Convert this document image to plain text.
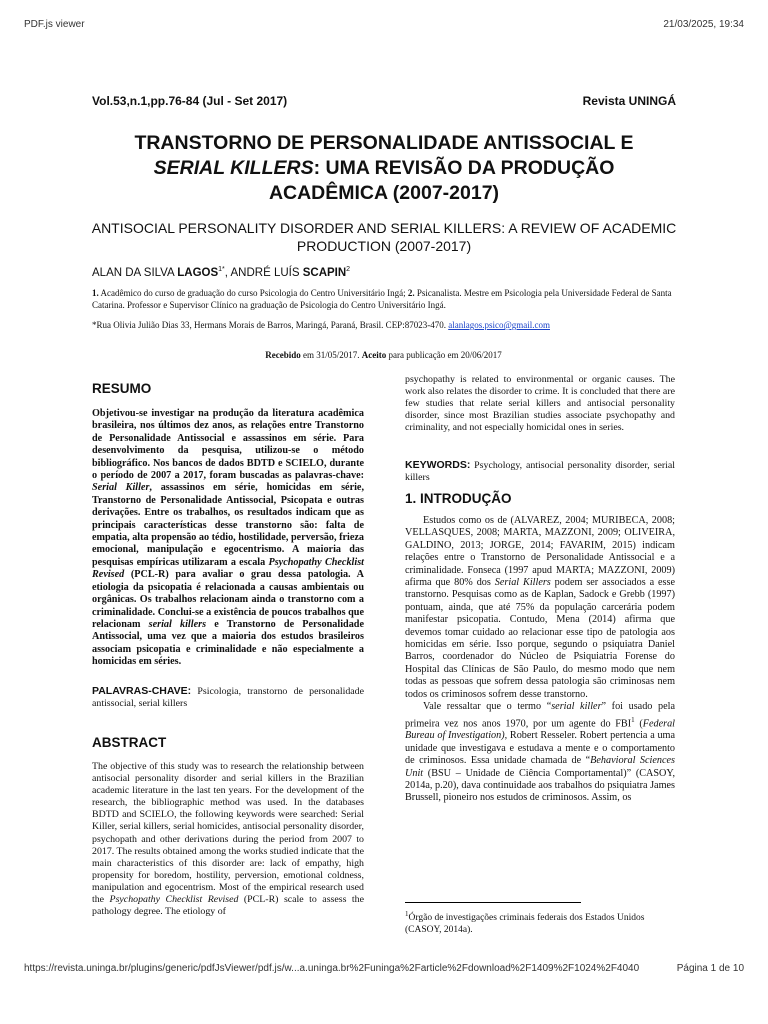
PDF.js viewer	21/03/2025, 19:34
Vol.53,n.1,pp.76-84 (Jul - Set 2017)	Revista UNINGÁ
TRANSTORNO DE PERSONALIDADE ANTISSOCIAL E
SERIAL KILLERS: UMA REVISÃO DA PRODUÇÃO
ACADÊMICA (2007-2017)
ANTISOCIAL PERSONALITY DISORDER AND SERIAL KILLERS: A REVIEW OF ACADEMIC PRODUCTION (2007-2017)
ALAN DA SILVA $LAGOS^{1*}$, ANDRÉ LUÍS SCAPIN$^2$
1. Acadêmico do curso de graduação do curso Psicologia do Centro Universitário Ingá; 2. Psicanalista. Mestre em Psicologia pela Universidade Federal de Santa Catarina. Professor e Supervisor Clínico na graduação de Psicologia do Centro Universitário Ingá.
*Rua Olivia Julião Dias 33, Hermans Morais de Barros, Maringá, Paraná, Brasil. CEP:87023-470. alanlagos.psico@gmail.com
Recebido em 31/05/2017. Aceito para publicação em 20/06/2017
RESUMO

Objetivou-se investigar na produção da literatura acadêmica brasileira, nos últimos dez anos, as relações entre Transtorno de Personalidade Antissocial e assassinos em série. Para desenvolvimento da pesquisa, utilizou-se o método bibliográfico. Nos bancos de dados BDTD e SCIELO, durante o período de 2007 a 2017, foram buscadas as palavras-chave: Serial Killer, assassinos em série, homicidas em série, Transtorno de Personalidade Antissocial, Psicopata e outras derivações. Entre os trabalhos, os resultados indicam que as principais características desse transtorno são: falta de empatia, alta propensão ao tédio, hostilidade, perversão, frieza emocional, manipulação e egocentrismo. A maioria das pesquisas empíricas utilizaram a escala Psychopathy Checklist Revised (PCL-R) para avaliar o grau dessa patologia. A etiologia da psicopatia é relacionada a causas ambientais ou orgânicas. Os trabalhos relacionam ainda o transtorno com a criminalidade. Conclui-se a existência de poucos trabalhos que relacionam serial killers e Transtorno de Personalidade Antissocial, uma vez que a maioria dos estudos brasileiros associam psicopatia e criminalidade e não especialmente a homicidas em séries.

PALAVRAS-CHAVE: Psicologia, transtorno de personalidade antissocial, serial killers

ABSTRACT

The objective of this study was to research the relationship between antisocial personality disorder and serial killers in the Brazilian academic literature in the last ten years. For the development of the research, the bibliographic method was used. In the databases BDTD and SCIELO, the following keywords were searched: Serial Killer, serial killers, serial homicides, antisocial personality disorder, psychopath and other derivations during the period from 2007 to 2017. The results obtained among the works studied indicate that the main characteristics of this disorder are: lack of empathy, high propensity for boredom, hostility, perversion, emotional coldness, manipulation and egocentrism. Most of the empirical research used the Psychopathy Checklist Revised (PCL-R) scale to assess the pathology degree. The etiology of

psychopathy is related to environmental or organic causes. The work also relates the disorder to crime. It is concluded that there are few studies that relate serial killers and antisocial personality disorder, since most Brazilian studies associate psychopathy and criminality, and not especially homicidal ones in series.

KEYWORDS: Psychology, antisocial personality disorder, serial killers

1. INTRODUÇÃO

Estudos como os de (ALVAREZ, 2004; MURIBECA, 2008; VELLASQUES, 2008; MARTA, MAZZONI, 2009; OLIVEIRA, GALDINO, 2013; JORGE, 2014; FAVARIM, 2015) indicam relações entre o Transtorno de Personalidade Antissocial e a criminalidade. Fonseca (1997 apud MARTA; MAZZONI, 2009) afirma que 80% dos Serial Killers podem ser associados a esse transtorno. Pesquisas como as de Kaplan, Sadock e Grebb (1997) pontuam, ainda, que até 75% da população carcerária podem manifestar psicopatia. Contudo, Mena (2014) afirma que devemos tomar cuidado ao relacionar esse tipo de patologia aos homicidas em série. Isso porque, segundo o psiquiatra Daniel Barros, coordenador do Núcleo de Psiquiatria Forense do Hospital das Clínicas de São Paulo, do mesmo modo que nem todas as pessoas que sofrem dessa patologia são criminosas nem todos os criminosos sofrem desse transtorno.

Vale ressaltar que o termo “serial killer” foi usado pela primeira vez nos anos 1970, por um agente do FBI$^1$ (Federal Bureau of Investigation), Robert Resseler. Robert pertencia a uma unidade que investigava e estudava a mente e o comportamento de criminosos. Essa unidade chamada de “Behavioral Sciences Unit (BSU – Unidade de Ciência Comportamental)” (CASOY, 2014a, p.20), dava continuidade aos trabalhos do psiquiatra James Brussell, pioneiro nos estudos de criminosos. Assim, os

$^1$Órgão de investigações criminais federais dos Estados Unidos (CASOY, 2014a).
https://revista.uninga.br/plugins/generic/pdfJsViewer/pdf.js/w...a.uninga.br%2Funinga%2Farticle%2Fdownload%2F1409%2F1024%2F4040	Página 1 de 10
